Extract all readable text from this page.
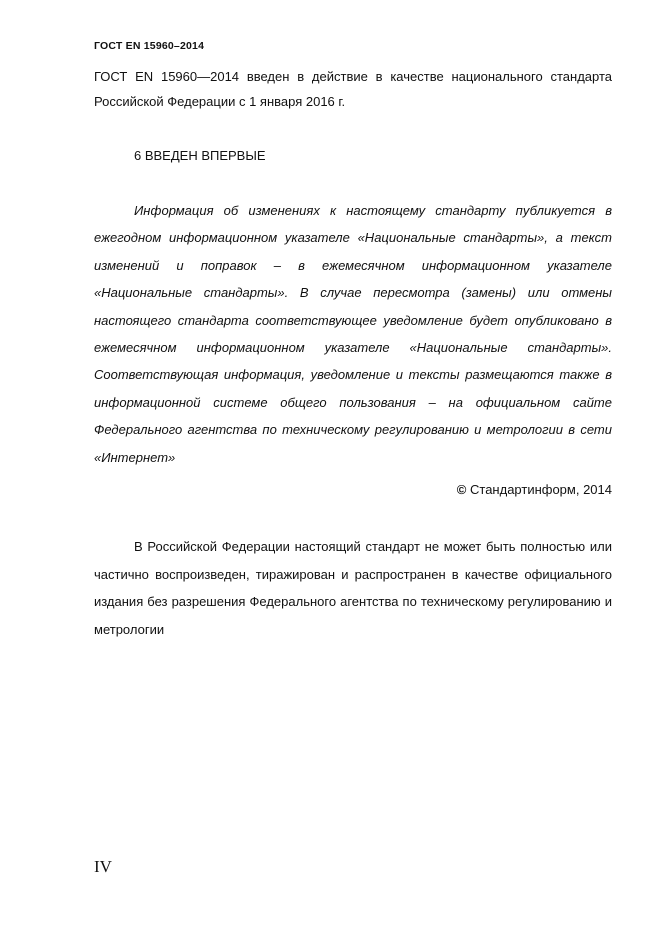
ГОСТ EN 15960–2014

ГОСТ EN 15960—2014 введен в действие в качестве национального стандарта Российской Федерации с 1 января 2016 г.

6 ВВЕДЕН ВПЕРВЫЕ

Информация об изменениях к настоящему стандарту публикуется в ежегодном информационном указателе «Национальные стандарты», а текст изменений и поправок – в ежемесячном информационном указателе «Национальные стандарты». В случае пересмотра (замены) или отмены настоящего стандарта соответствующее уведомление будет опубликовано в ежемесячном информационном указателе «Национальные стандарты». Соответствующая информация, уведомление и тексты размещаются также в информационной системе общего пользования – на официальном сайте Федерального агентства по техническому регулированию и метрологии в сети «Интернет»

© Стандартинформ, 2014

В Российской Федерации настоящий стандарт не может быть полностью или частично воспроизведен, тиражирован и распространен в качестве официального издания без разрешения Федерального агентства по техническому регулированию и метрологии

IV
